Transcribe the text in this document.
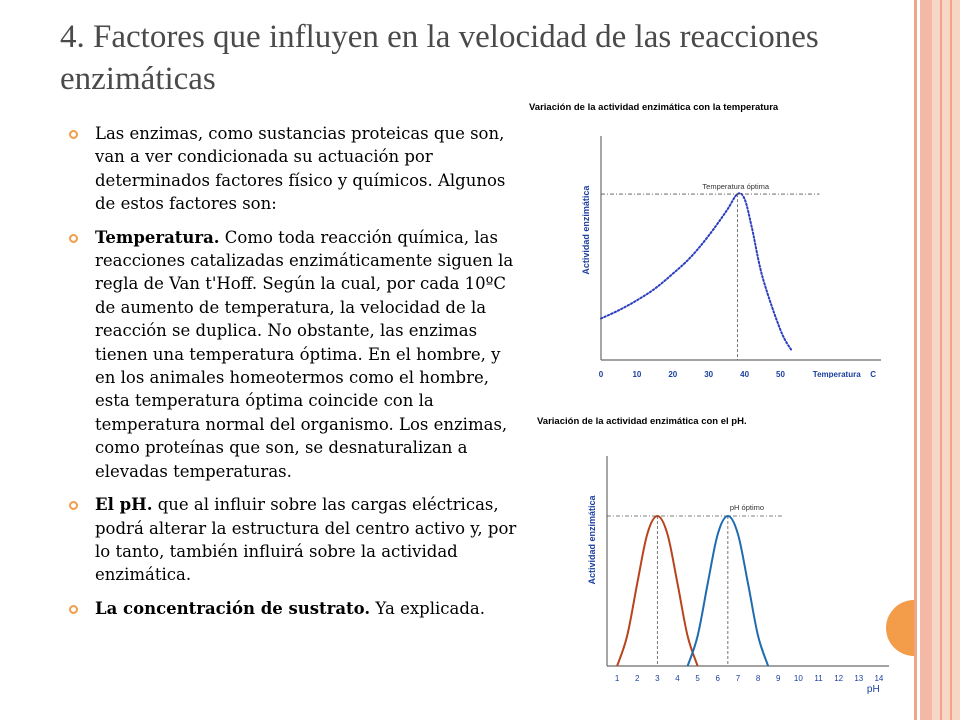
4. Factores que influyen en la velocidad de las reacciones enzimáticas
Las enzimas, como sustancias proteicas que son, van a ver condicionada su actuación por determinados factores físico y químicos. Algunos de estos factores son:
Temperatura. Como toda reacción química, las reacciones catalizadas enzimáticamente siguen la regla de Van t'Hoff. Según la cual, por cada 10ºC de aumento de temperatura, la velocidad de la reacción se duplica. No obstante, las enzimas tienen una temperatura óptima. En el hombre, y en los animales homeotermos como el hombre, esta temperatura óptima coincide con la temperatura normal del organismo. Los enzimas, como proteínas que son, se desnaturalizan a elevadas temperaturas.
El pH. que al influir sobre las cargas eléctricas, podrá alterar la estructura del centro activo y, por lo tanto, también influirá sobre la actividad enzimática.
La concentración de sustrato. Ya explicada.

Variación de la actividad enzimática con la temperatura

Actividad enzimática	Temperatura óptima
0	10	20	30	40	50	Temperatura C

Variación de la actividad enzimática con el pH.

Actividad enzimática	pH óptimo
1 2 3 4 5 6 7 8 9 10 11 12 13 14
pH
